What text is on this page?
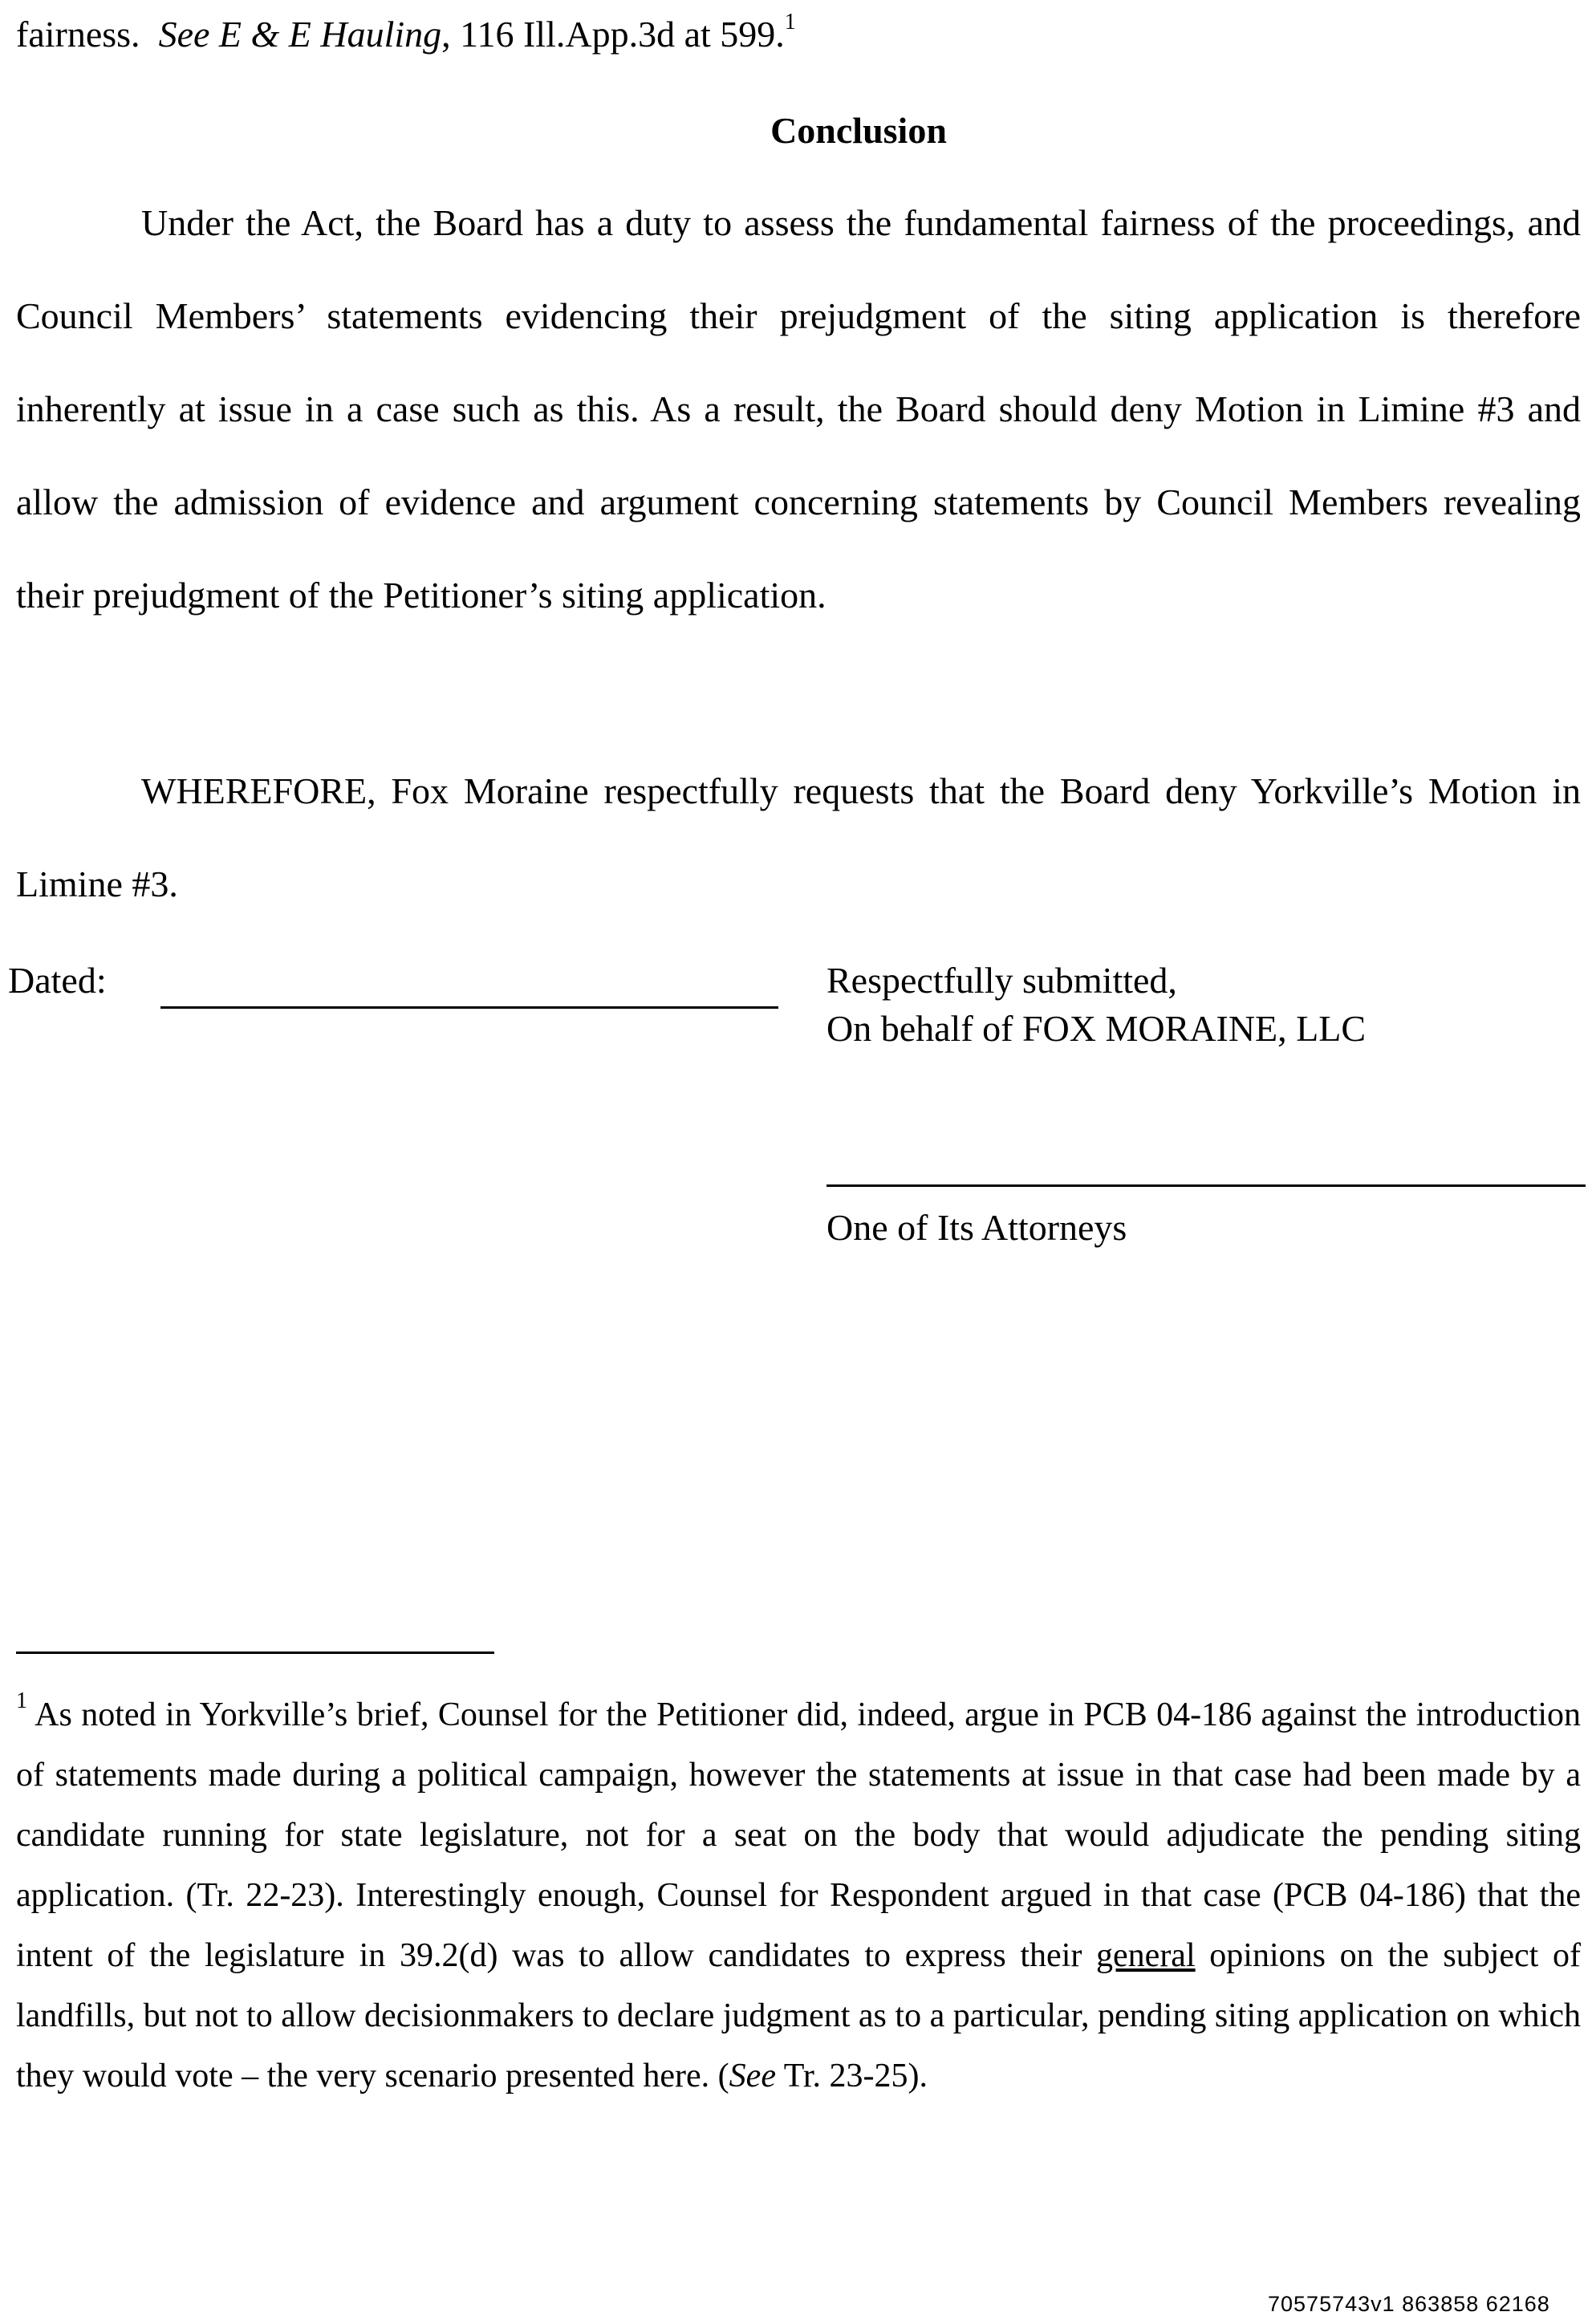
fairness. See E & E Hauling, 116 Ill.App.3d at 599.$^1$
Conclusion
Under the Act, the Board has a duty to assess the fundamental fairness of the proceedings, and Council Members’ statements evidencing their prejudgment of the siting application is therefore inherently at issue in a case such as this. As a result, the Board should deny Motion in Limine #3 and allow the admission of evidence and argument concerning statements by Council Members revealing their prejudgment of the Petitioner’s siting application.
WHEREFORE, Fox Moraine respectfully requests that the Board deny Yorkville’s Motion in Limine #3.
Dated:	Respectfully submitted,
On behalf of FOX MORAINE, LLC
One of Its Attorneys
$^1$ As noted in Yorkville’s brief, Counsel for the Petitioner did, indeed, argue in PCB 04-186 against the introduction of statements made during a political campaign, however the statements at issue in that case had been made by a candidate running for state legislature, not for a seat on the body that would adjudicate the pending siting application. (Tr. 22-23). Interestingly enough, Counsel for Respondent argued in that case (PCB 04-186) that the intent of the legislature in 39.2(d) was to allow candidates to express their general opinions on the subject of landfills, but not to allow decisionmakers to declare judgment as to a particular, pending siting application on which they would vote – the very scenario presented here. (See Tr. 23-25).
70575743v1 863858 62168
